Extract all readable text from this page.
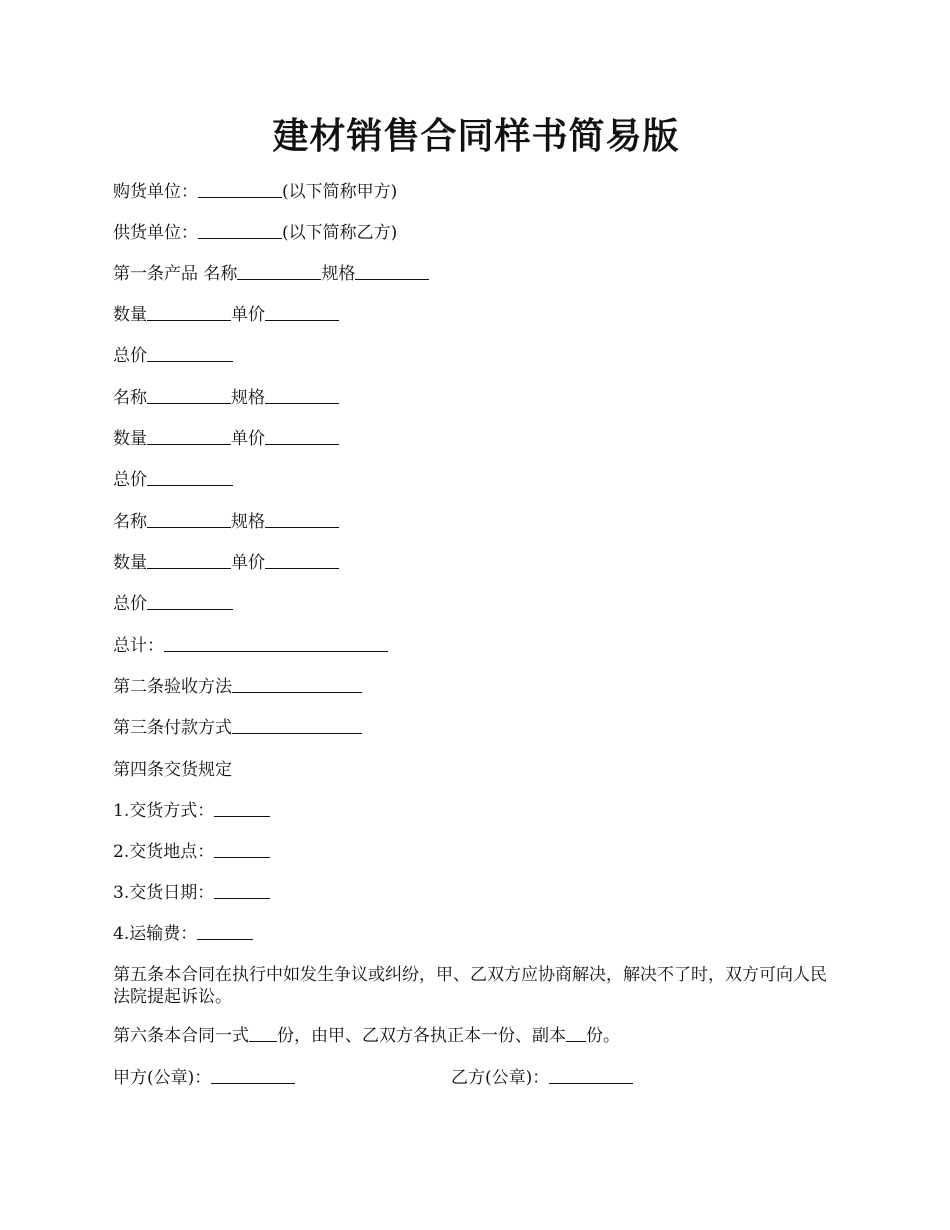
建材销售合同样书简易版
购货单位：	(以下简称甲方)
供货单位：	(以下简称乙方)
第一条产品 名称	规格
数量	单价
总价
名称	规格
数量	单价
总价
名称	规格
数量	单价
总价
总计：
第二条验收方法
第三条付款方式
第四条交货规定
1.交货方式：
2.交货地点：
3.交货日期：
4.运输费：
第五条本合同在执行中如发生争议或纠纷，甲、乙双方应协商解决，解决不了时，双方可向人民法院提起诉讼。
第六条本合同一式 份，由甲、乙双方各执正本一份、副本 份。
甲方(公章)：	乙方(公章)：
